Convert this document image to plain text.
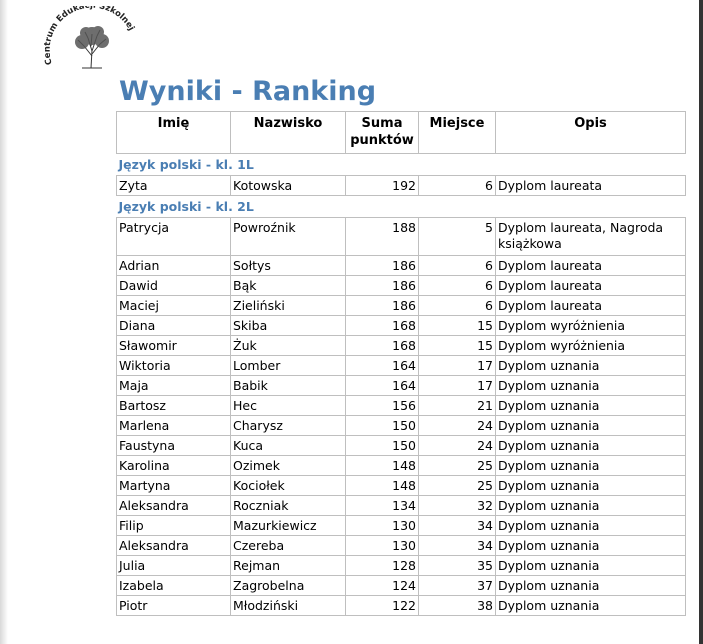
C rum Eduka Szkolnej
Wyniki - Ranking
Imię	Nazwisko	Suma punktów	Miejsce	Opis
Język polski - kl. 1L				
Zyta	Kotowska	192	6	Dyplom laureata
Język polski - kl. 2L				
Patrycja	Powroźnik	188	5	Dyplom laureata, Nagroda książkowa
Adrian	Sołtys	186	6	Dyplom laureata
Dawid	Bąk	186	6	Dyplom laureata
Maciej	Zieliński	186	6	Dyplom laureata
Diana	Skiba	168	15	Dyplom wyróżnienia
Sławomir	Żuk	168	15	Dyplom wyróżnienia
Wiktoria	Lomber	164	17	Dyplom uznania
Maja	Babik	164	17	Dyplom uznania
Bartosz	Hec	156	21	Dyplom uznania
Marlena	Charysz	150	24	Dyplom uznania
Faustyna	Kuca	150	24	Dyplom uznania
Karolina	Ozimek	148	25	Dyplom uznania
Martyna	Kociołek	148	25	Dyplom uznania
Aleksandra	Roczniak	134	32	Dyplom uznania
Filip	Mazurkiewicz	130	34	Dyplom uznania
Aleksandra	Czereba	130	34	Dyplom uznania
Julia	Rejman	128	35	Dyplom uznania
Izabela	Zagrobelna	124	37	Dyplom uznania
Piotr	Młodziński	122	38	Dyplom uznania
